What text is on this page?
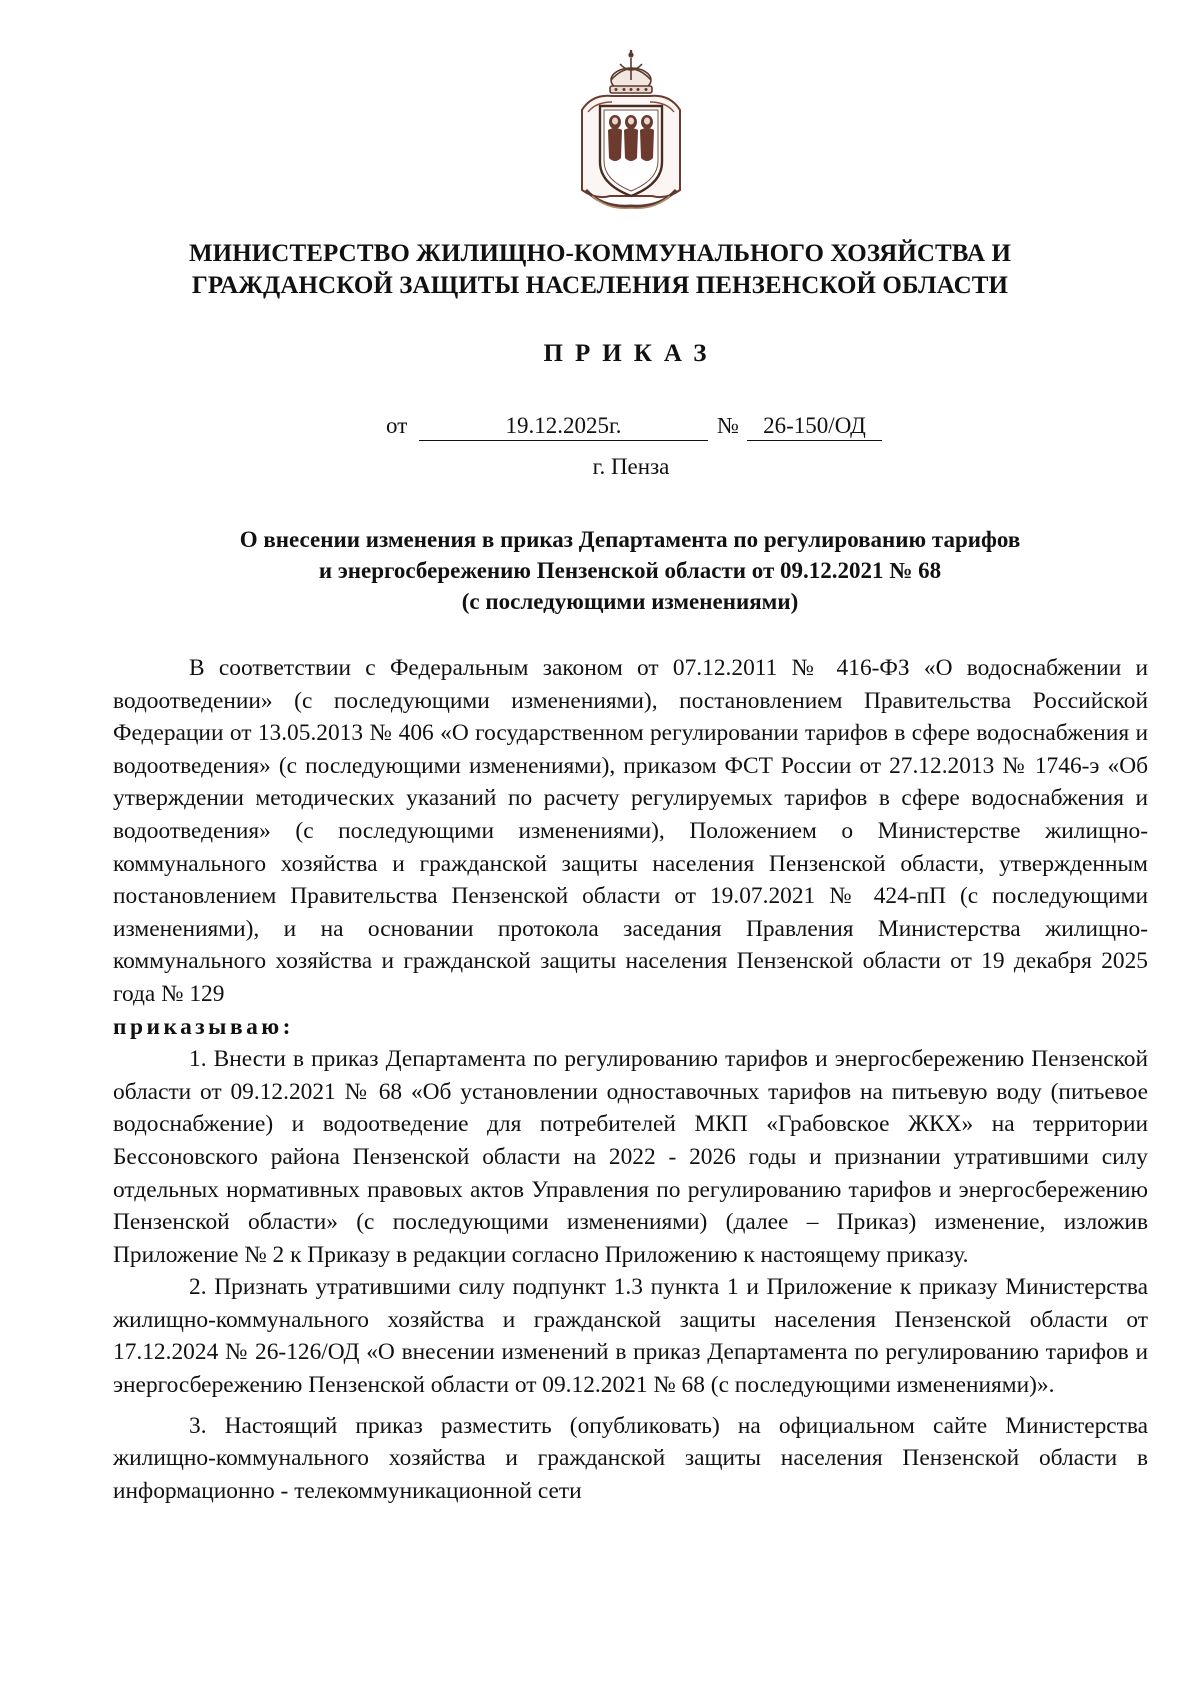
МИНИСТЕРСТВО ЖИЛИЩНО-КОММУНАЛЬНОГО ХОЗЯЙСТВА И
ГРАЖДАНСКОЙ ЗАЩИТЫ НАСЕЛЕНИЯ ПЕНЗЕНСКОЙ ОБЛАСТИ
ПРИКАЗ
от	19.12.2025г.	№	26-150/ОД
г. Пенза
О внесении изменения в приказ Департамента по регулированию тарифов
и энергосбережению Пензенской области от 09.12.2021 № 68
(с последующими изменениями)

В соответствии с Федеральным законом от 07.12.2011 № 416-ФЗ «О водоснабжении и водоотведении» (с последующими изменениями), постановлением Правительства Российской Федерации от 13.05.2013 № 406 «О государственном регулировании тарифов в сфере водоснабжения и водоотведения» (с последующими изменениями), приказом ФСТ России от 27.12.2013 № 1746-э «Об утверждении методических указаний по расчету регулируемых тарифов в сфере водоснабжения и водоотведения» (с последующими изменениями), Положением о Министерстве жилищно-коммунального хозяйства и гражданской защиты населения Пензенской области, утвержденным постановлением Правительства Пензенской области от 19.07.2021 № 424-пП (с последующими изменениями), и на основании протокола заседания Правления Министерства жилищно-коммунального хозяйства и гражданской защиты населения Пензенской области от 19 декабря 2025 года № 129

приказываю:

1. Внести в приказ Департамента по регулированию тарифов и энергосбережению Пензенской области от 09.12.2021 № 68 «Об установлении одноставочных тарифов на питьевую воду (питьевое водоснабжение) и водоотведение для потребителей МКП «Грабовское ЖКХ» на территории Бессоновского района Пензенской области на 2022 - 2026 годы и признании утратившими силу отдельных нормативных правовых актов Управления по регулированию тарифов и энергосбережению Пензенской области» (с последующими изменениями) (далее – Приказ) изменение, изложив Приложение № 2 к Приказу в редакции согласно Приложению к настоящему приказу.

2. Признать утратившими силу подпункт 1.3 пункта 1 и Приложение к приказу Министерства жилищно-коммунального хозяйства и гражданской защиты населения Пензенской области от 17.12.2024 № 26-126/ОД «О внесении изменений в приказ Департамента по регулированию тарифов и энергосбережению Пензенской области от 09.12.2021 № 68 (с последующими изменениями)».

3. Настоящий приказ разместить (опубликовать) на официальном сайте Министерства жилищно-коммунального хозяйства и гражданской защиты населения Пензенской области в информационно - телекоммуникационной сети
